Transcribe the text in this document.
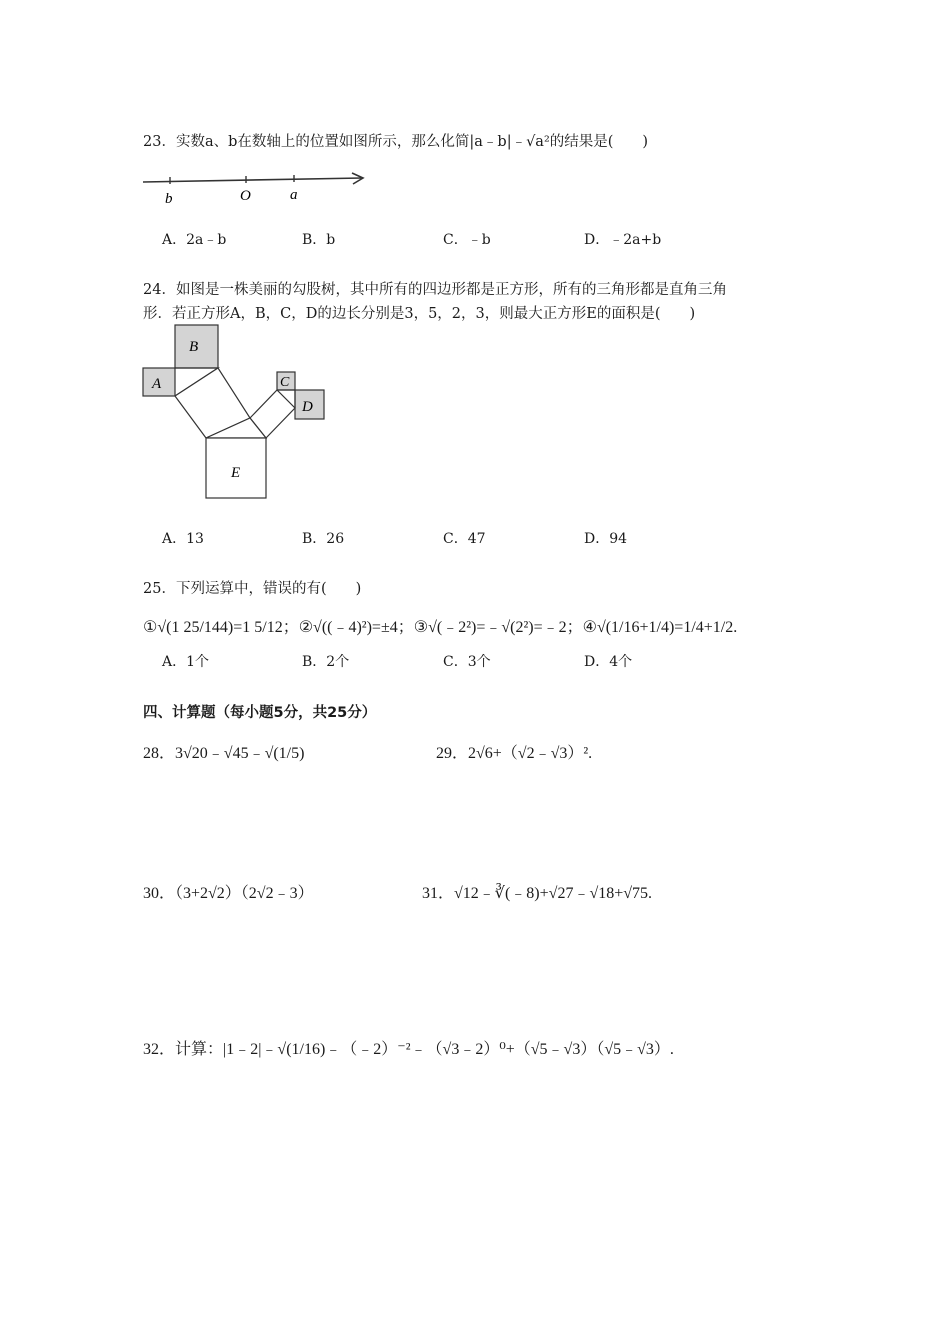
23．实数a、b在数轴上的位置如图所示，那么化简|a﹣b|﹣√a²的结果是(　　)
b	O	a
A．2a﹣b	B．b	C．﹣b	D．﹣2a+b
24．如图是一株美丽的勾股树，其中所有的四边形都是正方形，所有的三角形都是直角三角
形．若正方形A，B，C，D的边长分别是3，5，2，3，则最大正方形E的面积是(　　)
B
A	C
D
E
A．13	B．26	C．47	D．94
25．下列运算中，错误的有(　　)
①√(1 25/144)=1 5/12；②√((﹣4)²)=±4；③√(﹣2²)=﹣√(2²)=﹣2；④√(1/16+1/4)=1/4+1/2.
A．1个	B．2个	C．3个	D．4个
四、计算题（每小题5分，共25分）
28．3√20﹣√45﹣√(1/5)	29．2√6+（√2﹣√3）².
30．（3+2√2）（2√2﹣3）	31．√12﹣∛(﹣8)+√27﹣√18+√75.
32．计算：|1﹣2|﹣√(1/16)﹣（﹣2）⁻²﹣（√3﹣2）⁰+（√5﹣√3）（√5﹣√3）.
